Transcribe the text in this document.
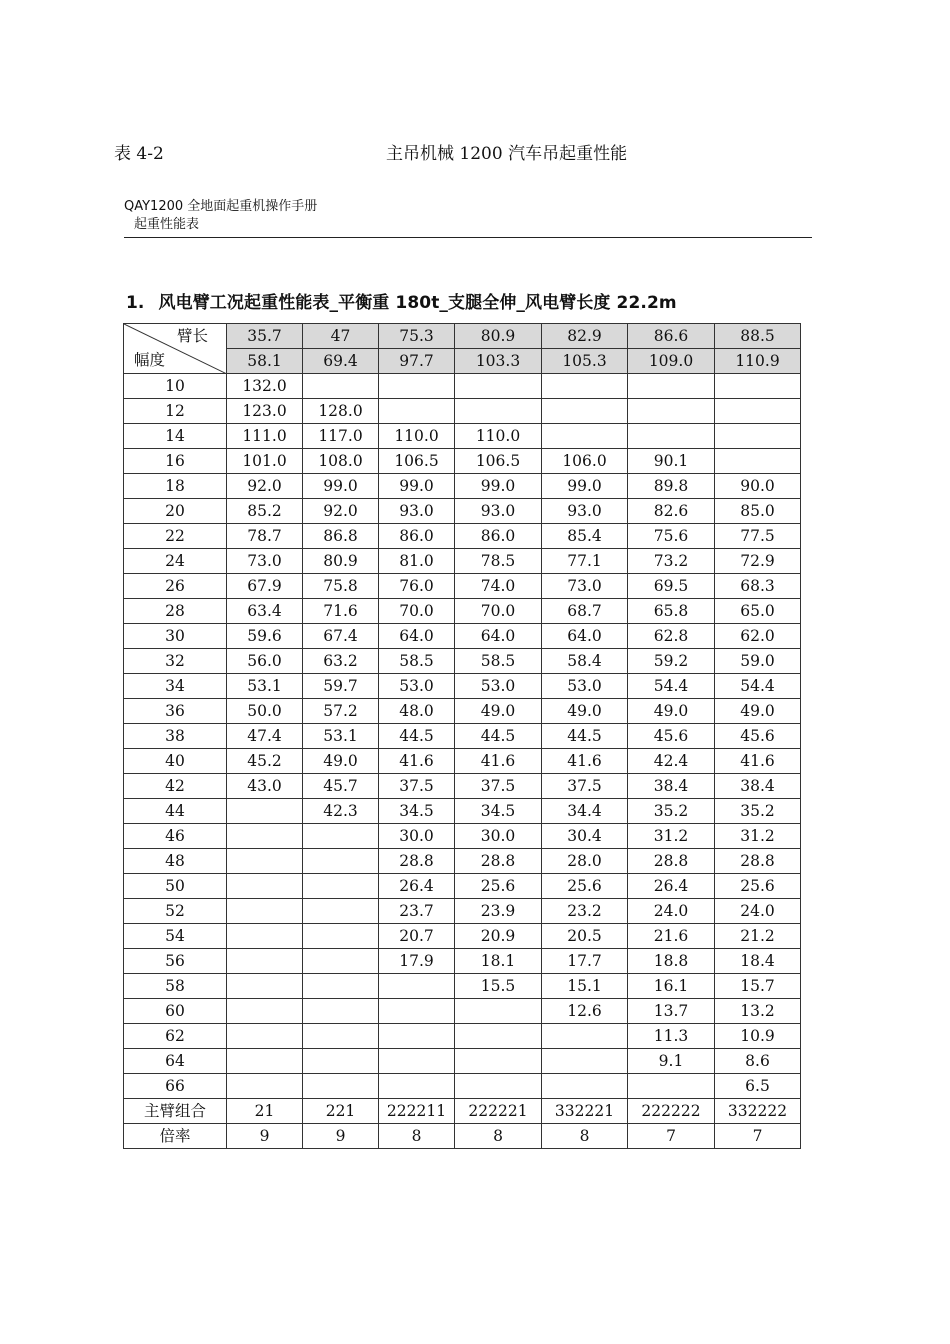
表 4-2	主吊机械 1200 汽车吊起重性能
QAY1200 全地面起重机操作手册
起重性能表
1. 风电臂工况起重性能表_平衡重 180t_支腿全伸_风电臂长度 22.2m
臂长
幅度	35.7	47	75.3	80.9	82.9	86.6	88.5
	58.1	69.4	97.7	103.3	105.3	109.0	110.9
10	132.0						
12	123.0	128.0					
14	111.0	117.0	110.0	110.0			
16	101.0	108.0	106.5	106.5	106.0	90.1	
18	92.0	99.0	99.0	99.0	99.0	89.8	90.0
20	85.2	92.0	93.0	93.0	93.0	82.6	85.0
22	78.7	86.8	86.0	86.0	85.4	75.6	77.5
24	73.0	80.9	81.0	78.5	77.1	73.2	72.9
26	67.9	75.8	76.0	74.0	73.0	69.5	68.3
28	63.4	71.6	70.0	70.0	68.7	65.8	65.0
30	59.6	67.4	64.0	64.0	64.0	62.8	62.0
32	56.0	63.2	58.5	58.5	58.4	59.2	59.0
34	53.1	59.7	53.0	53.0	53.0	54.4	54.4
36	50.0	57.2	48.0	49.0	49.0	49.0	49.0
38	47.4	53.1	44.5	44.5	44.5	45.6	45.6
40	45.2	49.0	41.6	41.6	41.6	42.4	41.6
42	43.0	45.7	37.5	37.5	37.5	38.4	38.4
44		42.3	34.5	34.5	34.4	35.2	35.2
46			30.0	30.0	30.4	31.2	31.2
48			28.8	28.8	28.0	28.8	28.8
50			26.4	25.6	25.6	26.4	25.6
52			23.7	23.9	23.2	24.0	24.0
54			20.7	20.9	20.5	21.6	21.2
56			17.9	18.1	17.7	18.8	18.4
58				15.5	15.1	16.1	15.7
60					12.6	13.7	13.2
62						11.3	10.9
64						9.1	8.6
66							6.5
主臂组合	21	221	222211	222221	332221	222222	332222
倍率	9	9	8	8	8	7	7
